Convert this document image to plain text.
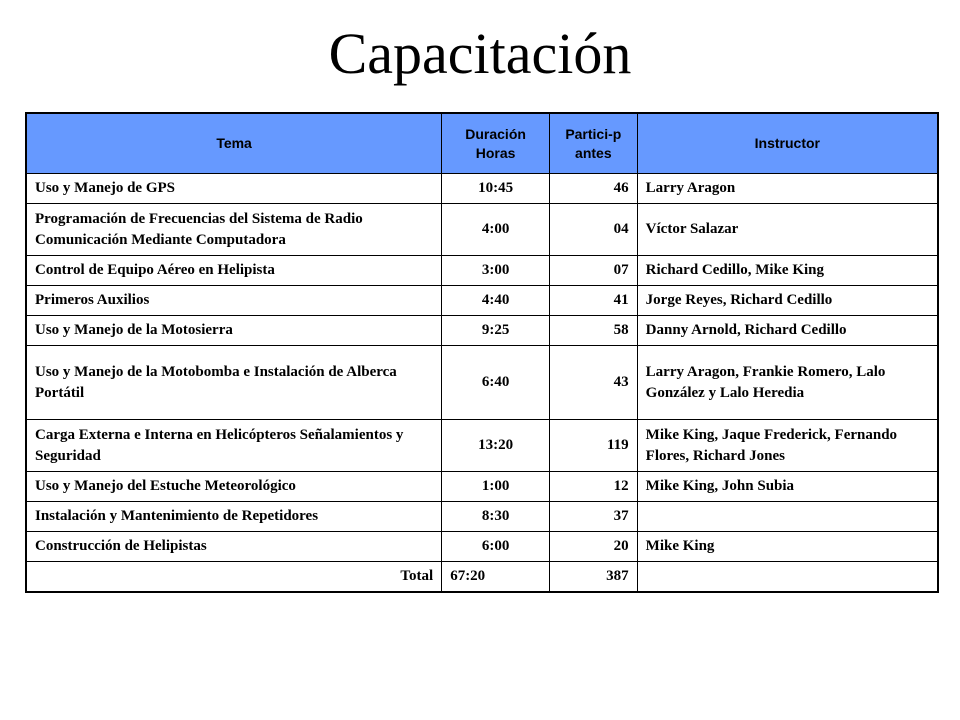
Capacitación
Tema	Duración Horas	Partici-pantes	Instructor
Uso y Manejo de GPS	10:45	46	Larry Aragon
Programación de Frecuencias del Sistema de Radio Comunicación Mediante Computadora	4:00	04	Víctor Salazar
Control de Equipo Aéreo en Helipista	3:00	07	Richard Cedillo, Mike King
Primeros Auxilios	4:40	41	Jorge Reyes, Richard Cedillo
Uso y Manejo de la Motosierra	9:25	58	Danny Arnold, Richard Cedillo
Uso y Manejo de la Motobomba e Instalación de Alberca Portátil	6:40	43	Larry Aragon, Frankie Romero, Lalo González y Lalo Heredia
Carga Externa e Interna en Helicópteros Señalamientos y Seguridad	13:20	119	Mike King, Jaque Frederick, Fernando Flores, Richard Jones
Uso y Manejo del Estuche Meteorológico	1:00	12	Mike King, John Subia
Instalación y Mantenimiento de Repetidores	8:30	37	
Construcción de Helipistas	6:00	20	Mike King
Total	67:20	387	
